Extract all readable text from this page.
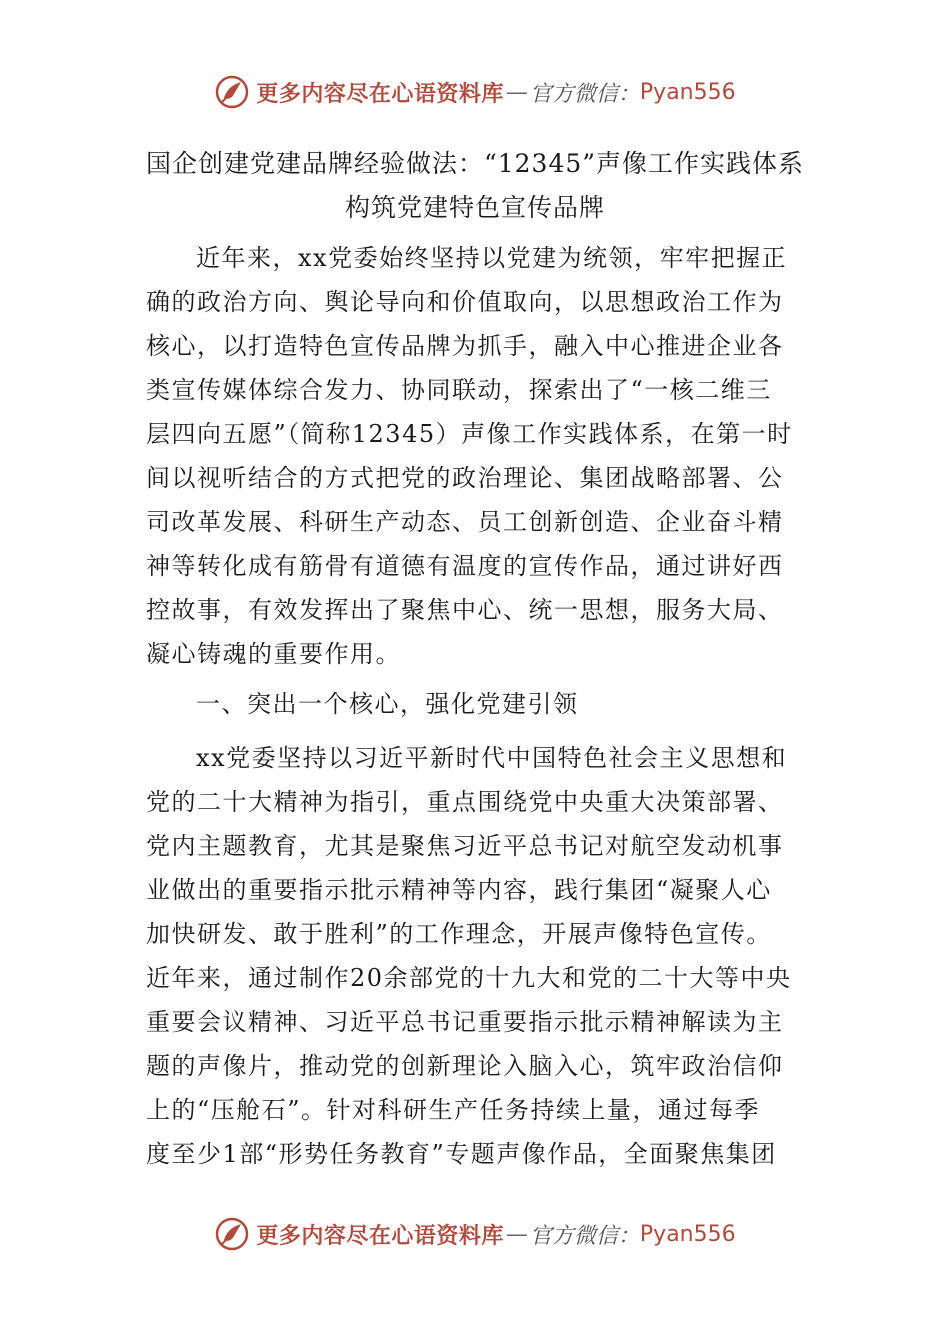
更多内容尽在心语资料库 — 官方微信： Pyan556
国企创建党建品牌经验做法：“12345”声像工作实践体系
构筑党建特色宣传品牌
近年来，xx党委始终坚持以党建为统领，牢牢把握正
确的政治方向、舆论导向和价值取向，以思想政治工作为
核心，以打造特色宣传品牌为抓手，融入中心推进企业各
类宣传媒体综合发力、协同联动，探索出了“一核二维三
层四向五愿”（简称12345）声像工作实践体系，在第一时
间以视听结合的方式把党的政治理论、集团战略部署、公
司改革发展、科研生产动态、员工创新创造、企业奋斗精
神等转化成有筋骨有道德有温度的宣传作品，通过讲好西
控故事，有效发挥出了聚焦中心、统一思想，服务大局、
凝心铸魂的重要作用。
一、突出一个核心，强化党建引领
xx党委坚持以习近平新时代中国特色社会主义思想和
党的二十大精神为指引，重点围绕党中央重大决策部署、
党内主题教育，尤其是聚焦习近平总书记对航空发动机事
业做出的重要指示批示精神等内容，践行集团“凝聚人心
加快研发、敢于胜利”的工作理念，开展声像特色宣传。
近年来，通过制作20余部党的十九大和党的二十大等中央
重要会议精神、习近平总书记重要指示批示精神解读为主
题的声像片，推动党的创新理论入脑入心，筑牢政治信仰
上的“压舱石”。针对科研生产任务持续上量，通过每季
度至少1部“形势任务教育”专题声像作品，全面聚焦集团
更多内容尽在心语资料库 — 官方微信： Pyan556
